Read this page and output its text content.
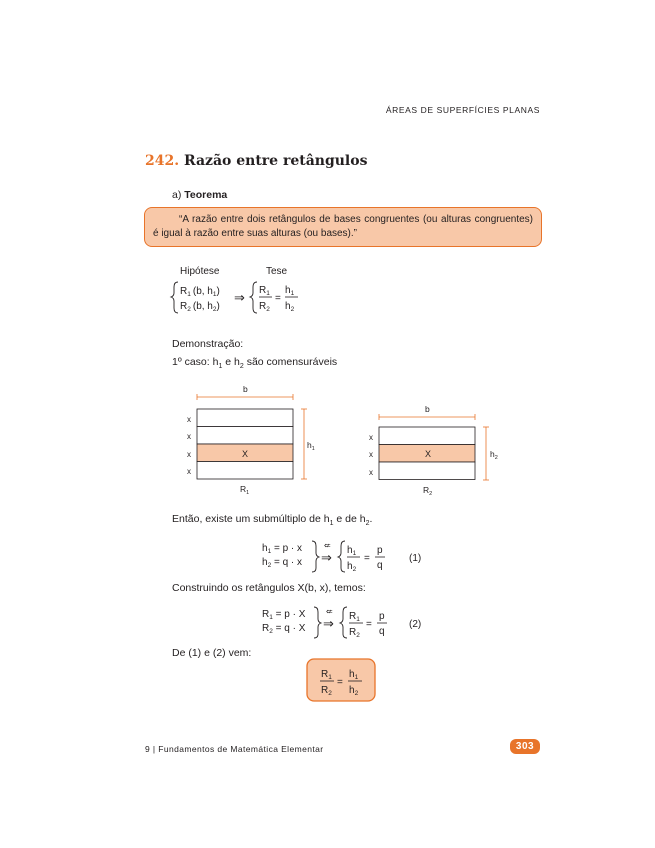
ÁREAS DE SUPERFÍCIES PLANAS
242. Razão entre retângulos
a) Teorema
“A razão entre dois retângulos de bases congruentes (ou alturas congruentes) é igual à razão entre suas alturas (ou bases).”
Hipótese	Tese
$R_1$ (b, $h_1$)
$R_2$ (b, $h_2$)
⇒ $R_1$
$R_2$
=
$h_1$
$h_2$
Demonstração:
1º caso: $h_1$ e $h_2$ são comensuráveis
b
X
x
x
x
x
$h_1$
$R_1$
b
X
x
x
x
$h_2$
$R_2$
Então, existe um submúltiplo de $h_1$ e de $h_2$.
$h_1 = p \cdot x$
$h_2 = q \cdot x$
⇍
⇒ $h_1$
$h_2$
=
p
q
(1)
Construindo os retângulos X(b, x), temos:
$R_1 = p \cdot X$
$R_2 = q \cdot X$
⇍
⇒ $R_1$
$R_2$
=
p
q
(2)
De (1) e (2) vem:
$R_1$
$R_2$
=
$h_1$
$h_2$
9 | Fundamentos de Matemática Elementar	303
